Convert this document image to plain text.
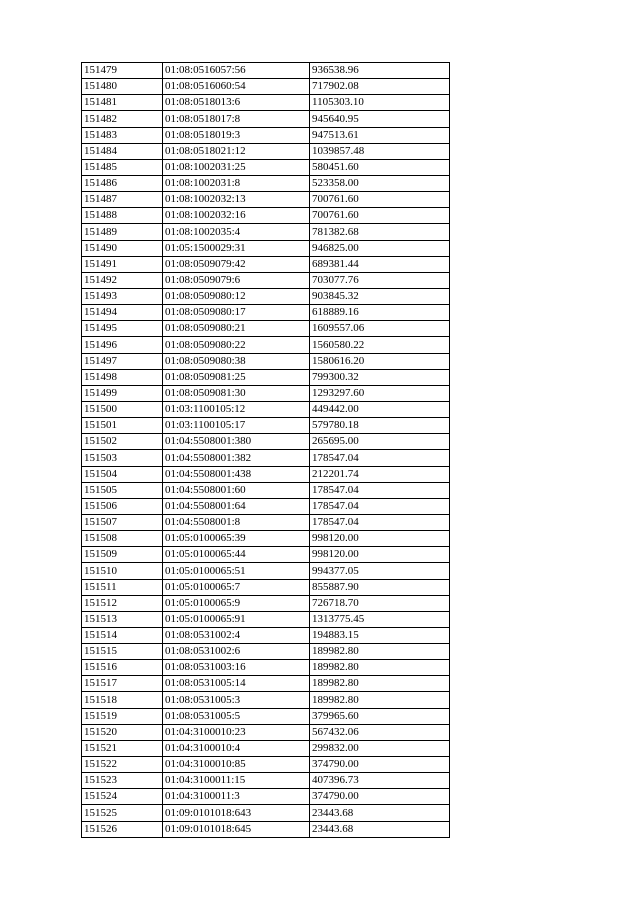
151479	01:08:0516057:56	936538.96
151480	01:08:0516060:54	717902.08
151481	01:08:0518013:6	1105303.10
151482	01:08:0518017:8	945640.95
151483	01:08:0518019:3	947513.61
151484	01:08:0518021:12	1039857.48
151485	01:08:1002031:25	580451.60
151486	01:08:1002031:8	523358.00
151487	01:08:1002032:13	700761.60
151488	01:08:1002032:16	700761.60
151489	01:08:1002035:4	781382.68
151490	01:05:1500029:31	946825.00
151491	01:08:0509079:42	689381.44
151492	01:08:0509079:6	703077.76
151493	01:08:0509080:12	903845.32
151494	01:08:0509080:17	618889.16
151495	01:08:0509080:21	1609557.06
151496	01:08:0509080:22	1560580.22
151497	01:08:0509080:38	1580616.20
151498	01:08:0509081:25	799300.32
151499	01:08:0509081:30	1293297.60
151500	01:03:1100105:12	449442.00
151501	01:03:1100105:17	579780.18
151502	01:04:5508001:380	265695.00
151503	01:04:5508001:382	178547.04
151504	01:04:5508001:438	212201.74
151505	01:04:5508001:60	178547.04
151506	01:04:5508001:64	178547.04
151507	01:04:5508001:8	178547.04
151508	01:05:0100065:39	998120.00
151509	01:05:0100065:44	998120.00
151510	01:05:0100065:51	994377.05
151511	01:05:0100065:7	855887.90
151512	01:05:0100065:9	726718.70
151513	01:05:0100065:91	1313775.45
151514	01:08:0531002:4	194883.15
151515	01:08:0531002:6	189982.80
151516	01:08:0531003:16	189982.80
151517	01:08:0531005:14	189982.80
151518	01:08:0531005:3	189982.80
151519	01:08:0531005:5	379965.60
151520	01:04:3100010:23	567432.06
151521	01:04:3100010:4	299832.00
151522	01:04:3100010:85	374790.00
151523	01:04:3100011:15	407396.73
151524	01:04:3100011:3	374790.00
151525	01:09:0101018:643	23443.68
151526	01:09:0101018:645	23443.68
